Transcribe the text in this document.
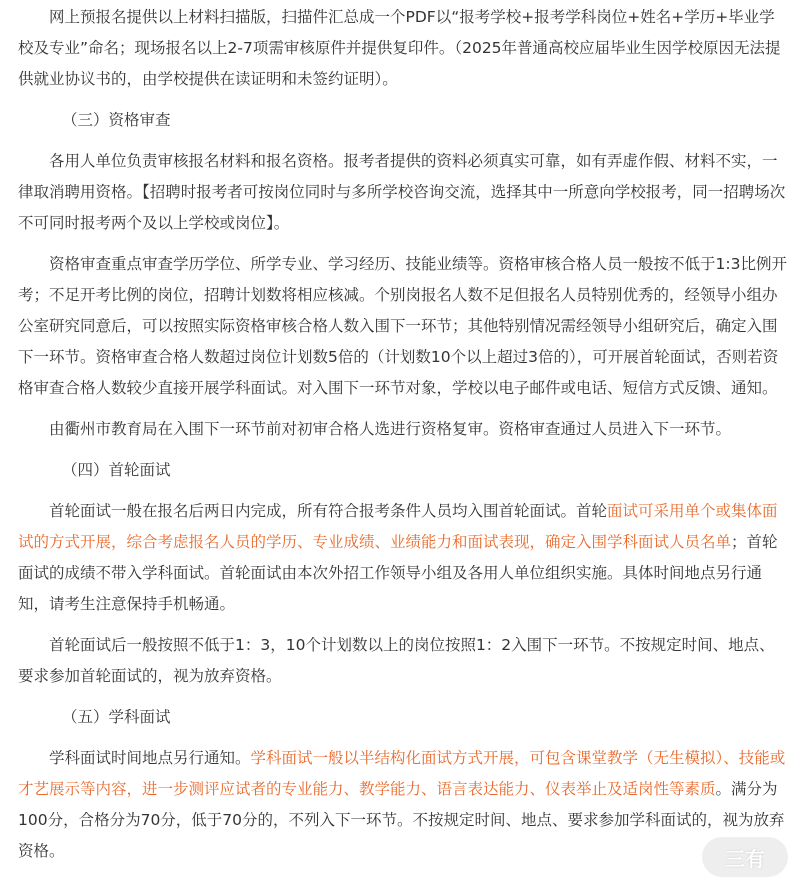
网上预报名提供以上材料扫描版，扫描件汇总成一个PDF以“报考学校+报考学科岗位+姓名+学历+毕业学校及专业”命名；现场报名以上2-7项需审核原件并提供复印件。（2025年普通高校应届毕业生因学校原因无法提供就业协议书的，由学校提供在读证明和未签约证明）。

（三）资格审查

各用人单位负责审核报名材料和报名资格。报考者提供的资料必须真实可靠，如有弄虚作假、材料不实，一律取消聘用资格。【招聘时报考者可按岗位同时与多所学校咨询交流，选择其中一所意向学校报考，同一招聘场次不可同时报考两个及以上学校或岗位】。

资格审查重点审查学历学位、所学专业、学习经历、技能业绩等。资格审核合格人员一般按不低于1:3比例开考；不足开考比例的岗位，招聘计划数将相应核减。个别岗报名人数不足但报名人员特别优秀的，经领导小组办公室研究同意后，可以按照实际资格审核合格人数入围下一环节；其他特别情况需经领导小组研究后，确定入围下一环节。资格审查合格人数超过岗位计划数5倍的（计划数10个以上超过3倍的），可开展首轮面试，否则若资格审查合格人数较少直接开展学科面试。对入围下一环节对象，学校以电子邮件或电话、短信方式反馈、通知。

由衢州市教育局在入围下一环节前对初审合格人选进行资格复审。资格审查通过人员进入下一环节。

（四）首轮面试

首轮面试一般在报名后两日内完成，所有符合报考条件人员均入围首轮面试。首轮面试可采用单个或集体面试的方式开展，综合考虑报名人员的学历、专业成绩、业绩能力和面试表现，确定入围学科面试人员名单；首轮面试的成绩不带入学科面试。首轮面试由本次外招工作领导小组及各用人单位组织实施。具体时间地点另行通知，请考生注意保持手机畅通。

首轮面试后一般按照不低于1：3，10个计划数以上的岗位按照1：2入围下一环节。不按规定时间、地点、要求参加首轮面试的，视为放弃资格。

（五）学科面试

学科面试时间地点另行通知。学科面试一般以半结构化面试方式开展，可包含课堂教学（无生模拟）、技能或才艺展示等内容，进一步测评应试者的专业能力、教学能力、语言表达能力、仪表举止及适岗性等素质。满分为100分，合格分为70分，低于70分的，不列入下一环节。不按规定时间、地点、要求参加学科面试的，视为放弃资格。	三有
